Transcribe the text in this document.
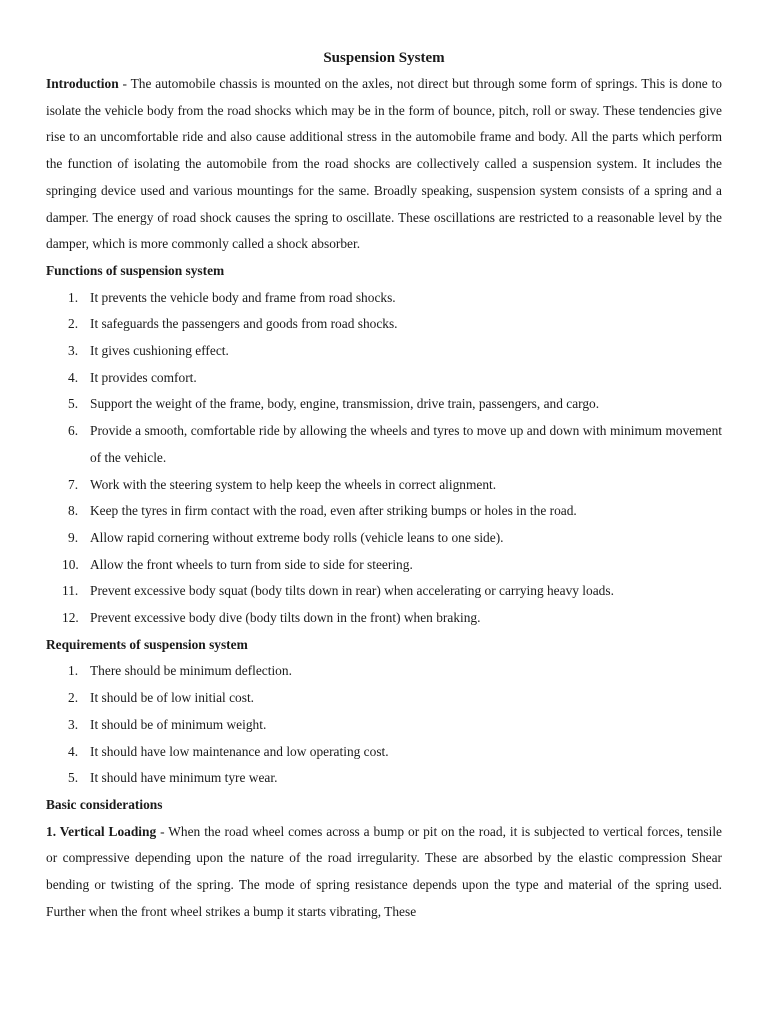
Suspension System

Introduction - The automobile chassis is mounted on the axles, not direct but through some form of springs. This is done to isolate the vehicle body from the road shocks which may be in the form of bounce, pitch, roll or sway. These tendencies give rise to an uncomfortable ride and also cause additional stress in the automobile frame and body. All the parts which perform the function of isolating the automobile from the road shocks are collectively called a suspension system. It includes the springing device used and various mountings for the same. Broadly speaking, suspension system consists of a spring and a damper. The energy of road shock causes the spring to oscillate. These oscillations are restricted to a reasonable level by the damper, which is more commonly called a shock absorber.

Functions of suspension system
1. It prevents the vehicle body and frame from road shocks.
2. It safeguards the passengers and goods from road shocks.
3. It gives cushioning effect.
4. It provides comfort.
5. Support the weight of the frame, body, engine, transmission, drive train, passengers, and cargo.
6. Provide a smooth, comfortable ride by allowing the wheels and tyres to move up and down with minimum movement of the vehicle.
7. Work with the steering system to help keep the wheels in correct alignment.
8. Keep the tyres in firm contact with the road, even after striking bumps or holes in the road.
9. Allow rapid cornering without extreme body rolls (vehicle leans to one side).
10. Allow the front wheels to turn from side to side for steering.
11. Prevent excessive body squat (body tilts down in rear) when accelerating or carrying heavy loads.
12. Prevent excessive body dive (body tilts down in the front) when braking.
Requirements of suspension system
1. There should be minimum deflection.
2. It should be of low initial cost.
3. It should be of minimum weight.
4. It should have low maintenance and low operating cost.
5. It should have minimum tyre wear.
Basic considerations

1. Vertical Loading - When the road wheel comes across a bump or pit on the road, it is subjected to vertical forces, tensile or compressive depending upon the nature of the road irregularity. These are absorbed by the elastic compression Shear bending or twisting of the spring. The mode of spring resistance depends upon the type and material of the spring used. Further when the front wheel strikes a bump it starts vibrating, These
